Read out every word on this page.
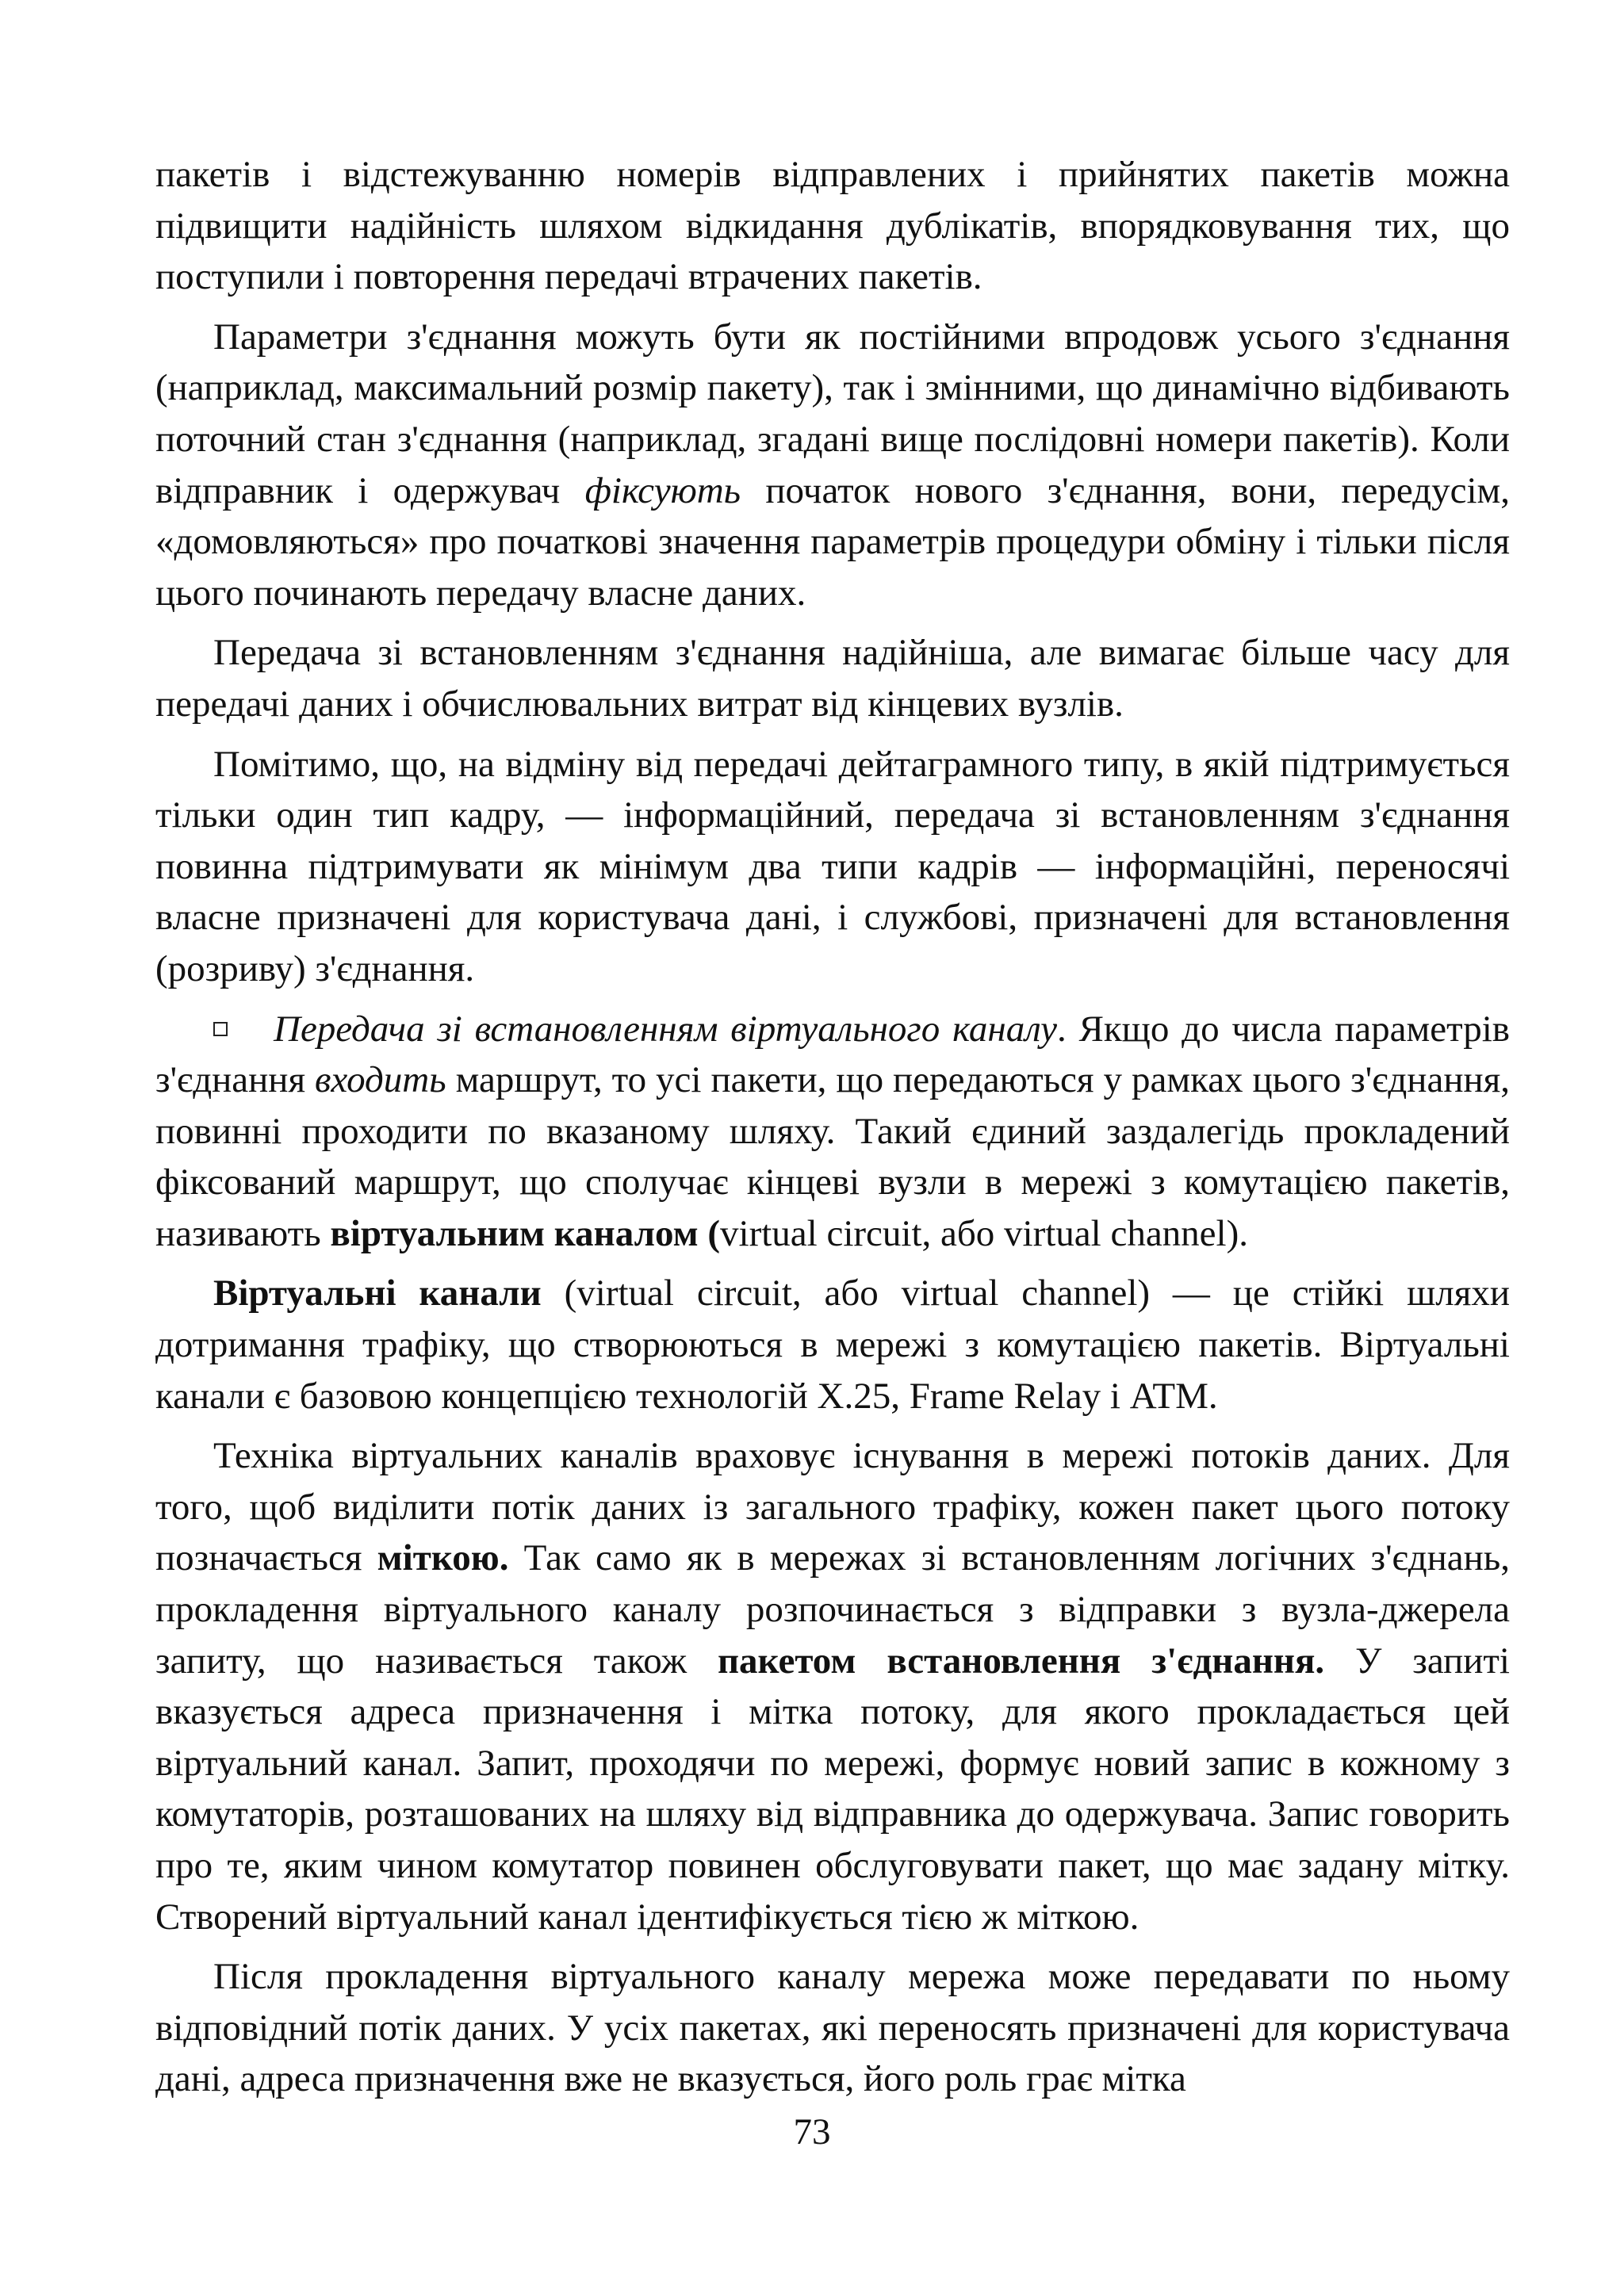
пакетів і відстежуванню номерів відправлених і прийнятих пакетів можна підвищити надійність шляхом відкидання дублікатів, впорядковування тих, що поступили і повторення передачі втрачених пакетів.

Параметри з'єднання можуть бути як постійними впродовж усього з'єднання (наприклад, максимальний розмір пакету), так і змінними, що динамічно відбивають поточний стан з'єднання (наприклад, згадані вище послідовні номери пакетів). Коли відправник і одержувач фіксують початок нового з'єднання, вони, передусім, «домовляються» про початкові значення параметрів процедури обміну і тільки після цього починають передачу власне даних.

Передача зі встановленням з'єднання надійніша, але вимагає більше часу для передачі даних і обчислювальних витрат від кінцевих вузлів.

Помітимо, що, на відміну від передачі дейтаграмного типу, в якій підтримується тільки один тип кадру, — інформаційний, передача зі встановленням з'єднання повинна підтримувати як мінімум два типи кадрів — інформаційні, переносячі власне призначені для користувача дані, і службові, призначені для встановлення (розриву) з'єднання.

Передача зі встановленням віртуального каналу. Якщо до числа параметрів з'єднання входить маршрут, то усі пакети, що передаються у рамках цього з'єднання, повинні проходити по вказаному шляху. Такий єдиний заздалегідь прокладений фіксований маршрут, що сполучає кінцеві вузли в мережі з комутацією пакетів, називають віртуальним каналом (virtual circuit, або virtual channel).

Віртуальні канали (virtual circuit, або virtual channel) — це стійкі шляхи дотримання трафіку, що створюються в мережі з комутацією пакетів. Віртуальні канали є базовою концепцією технологій X.25, Frame Relay і ATM.

Техніка віртуальних каналів враховує існування в мережі потоків даних. Для того, щоб виділити потік даних із загального трафіку, кожен пакет цього потоку позначається міткою. Так само як в мережах зі встановленням логічних з'єднань, прокладення віртуального каналу розпочинається з відправки з вузла-джерела запиту, що називається також пакетом встановлення з'єднання. У запиті вказується адреса призначення і мітка потоку, для якого прокладається цей віртуальний канал. Запит, проходячи по мережі, формує новий запис в кожному з комутаторів, розташованих на шляху від відправника до одержувача. Запис говорить про те, яким чином комутатор повинен обслуговувати пакет, що має задану мітку. Створений віртуальний канал ідентифікується тією ж міткою.

Після прокладення віртуального каналу мережа може передавати по ньому відповідний потік даних. У усіх пакетах, які переносять призначені для користувача дані, адреса призначення вже не вказується, його роль грає мітка

73
